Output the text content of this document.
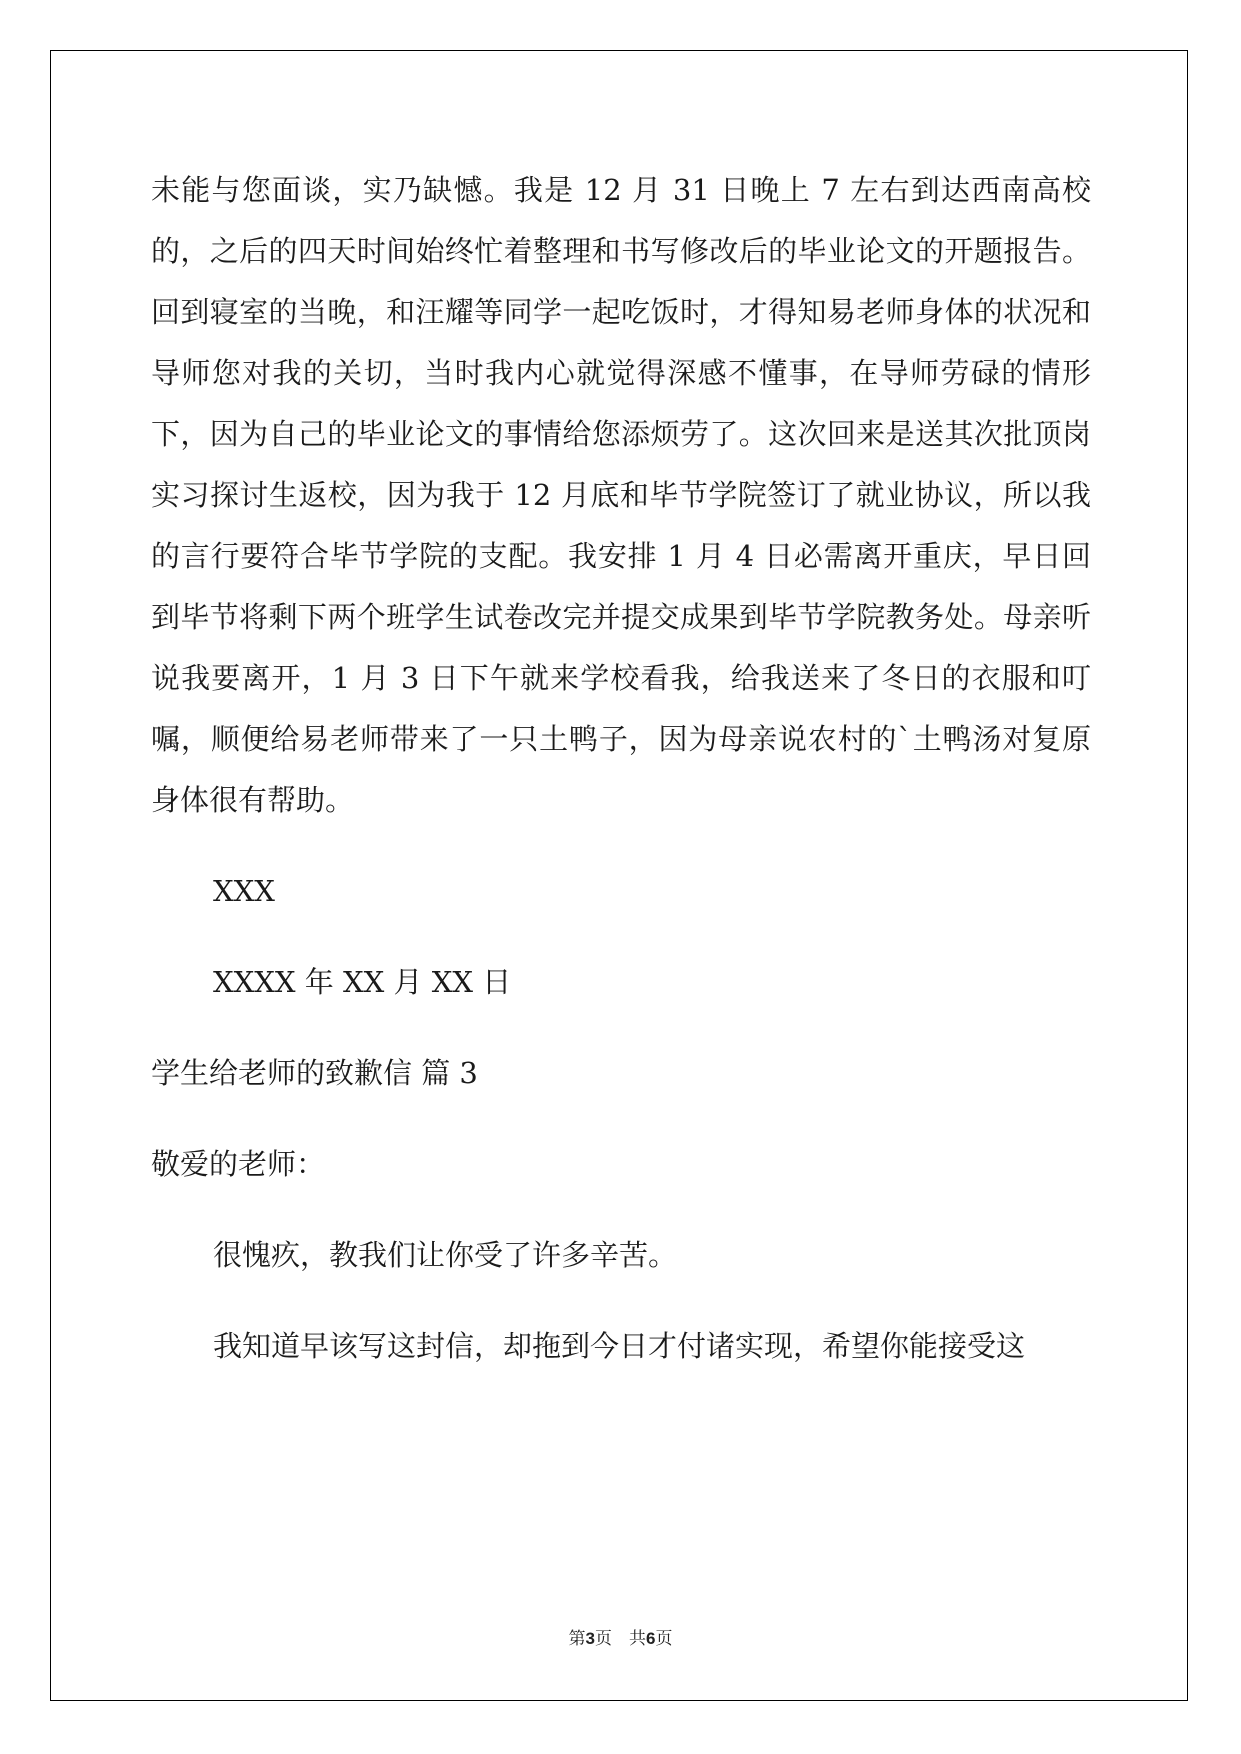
未能与您面谈，实乃缺憾。我是 12 月 31 日晚上 7 左右到达西南高校的，之后的四天时间始终忙着整理和书写修改后的毕业论文的开题报告。回到寝室的当晚，和汪耀等同学一起吃饭时，才得知易老师身体的状况和导师您对我的关切，当时我内心就觉得深感不懂事，在导师劳碌的情形下，因为自己的毕业论文的事情给您添烦劳了。这次回来是送其次批顶岗实习探讨生返校，因为我于 12 月底和毕节学院签订了就业协议，所以我的言行要符合毕节学院的支配。我安排 1 月 4 日必需离开重庆，早日回到毕节将剩下两个班学生试卷改完并提交成果到毕节学院教务处。母亲听说我要离开，1 月 3 日下午就来学校看我，给我送来了冬日的衣服和叮嘱，顺便给易老师带来了一只土鸭子，因为母亲说农村的`土鸭汤对复原身体很有帮助。

XXX

XXXX 年 XX 月 XX 日

学生给老师的致歉信 篇 3

敬爱的老师：

很愧疚，教我们让你受了许多辛苦。

我知道早该写这封信，却拖到今日才付诸实现，希望你能接受这

第3页　共6页
